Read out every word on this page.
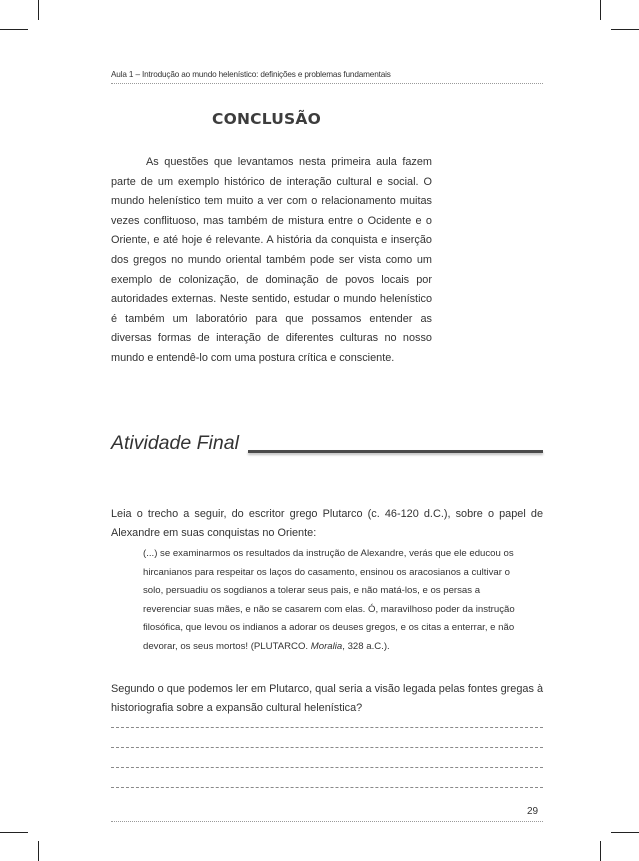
Aula 1 – Introdução ao mundo helenístico: definições e problemas fundamentais
CONCLUSÃO

As questões que levantamos nesta primeira aula fazem parte de um exemplo histórico de interação cultural e social. O mundo helenístico tem muito a ver com o relacionamento muitas vezes conflituoso, mas também de mistura entre o Ocidente e o Oriente, e até hoje é relevante. A história da conquista e inserção dos gregos no mundo oriental também pode ser vista como um exemplo de colonização, de dominação de povos locais por autoridades externas. Neste sentido, estudar o mundo helenístico é também um laboratório para que possamos entender as diversas formas de interação de diferentes culturas no nosso mundo e entendê-lo com uma postura crítica e consciente.

Atividade Final
Leia o trecho a seguir, do escritor grego Plutarco (c. 46-120 d.C.), sobre o papel de Alexandre em suas conquistas no Oriente:
(...) se examinarmos os resultados da instrução de Alexandre, verás que ele educou os hircanianos para respeitar os laços do casamento, ensinou os aracosianos a cultivar o solo, persuadiu os sogdianos a tolerar seus pais, e não matá-los, e os persas a reverenciar suas mães, e não se casarem com elas. Ó, maravilhoso poder da instrução filosófica, que levou os indianos a adorar os deuses gregos, e os citas a enterrar, e não devorar, os seus mortos! (PLUTARCO. Moralia, 328 a.C.).
Segundo o que podemos ler em Plutarco, qual seria a visão legada pelas fontes gregas à historiografia sobre a expansão cultural helenística?
29
